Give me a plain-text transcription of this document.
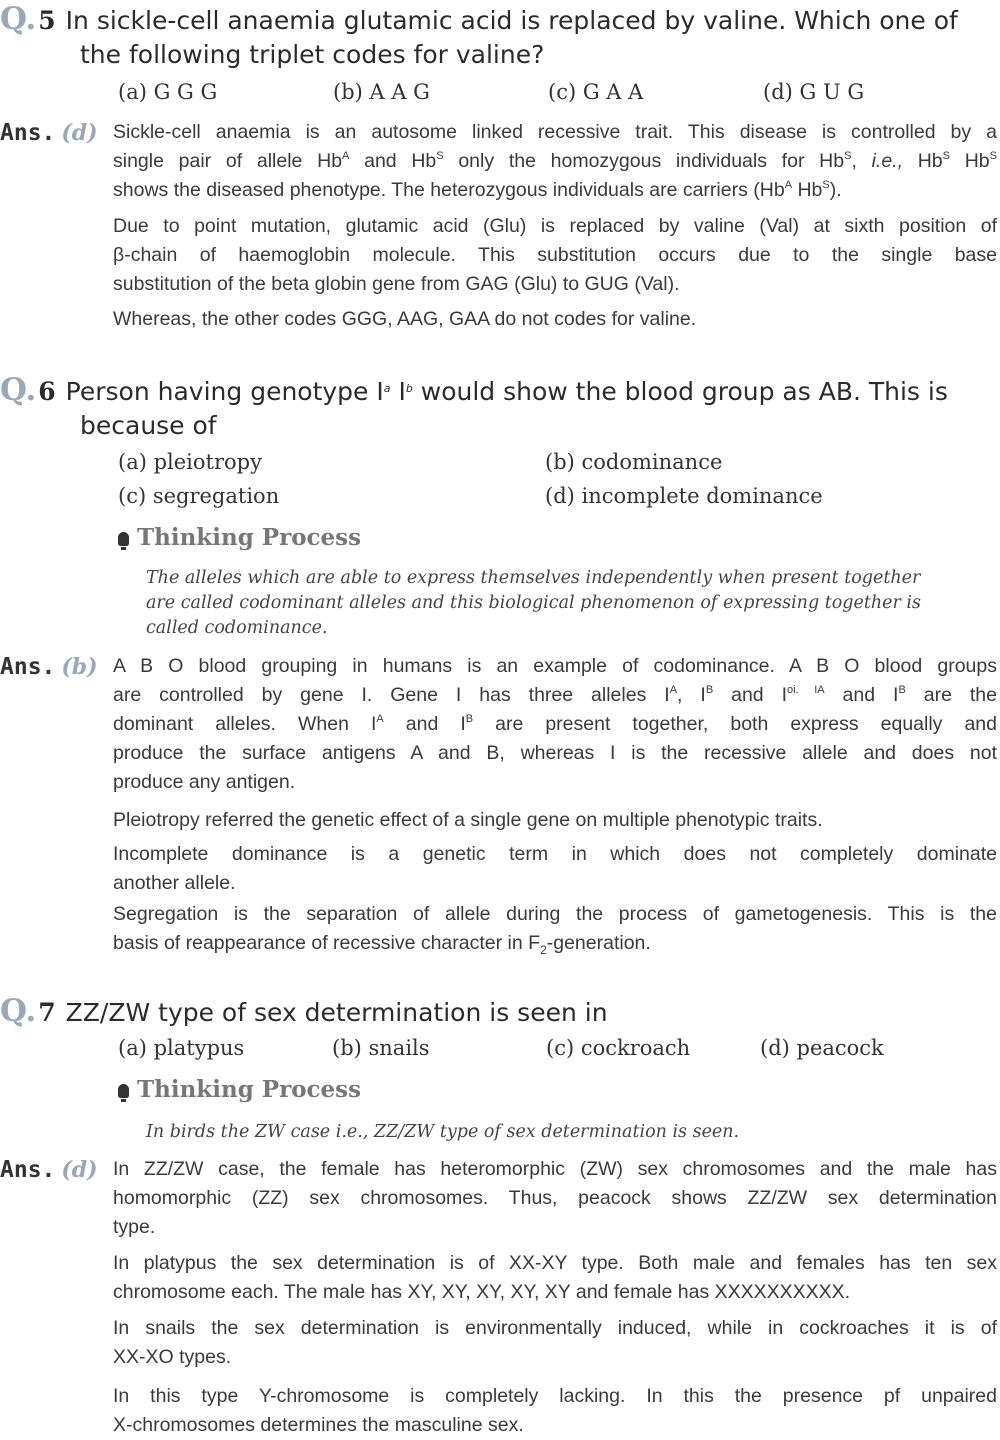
Q.5 In sickle-cell anaemia glutamic acid is replaced by valine. Which one of
the following triplet codes for valine?
(a) G G G	(b) A A G	(c) G A A	(d) G U G
Ans. (d) Sickle-cell anaemia is an autosome linked recessive trait. This disease is controlled by a
single pair of allele $Hb^A$ and $Hb^S$ only the homozygous individuals for $Hb^S$, i.e., $Hb^S$ $Hb^S$
shows the diseased phenotype. The heterozygous individuals are carriers ($Hb^A$ $Hb^S$).
Due to point mutation, glutamic acid (Glu) is replaced by valine (Val) at sixth position of
β-chain of haemoglobin molecule. This substitution occurs due to the single base
substitution of the beta globin gene from GAG (Glu) to GUG (Val).
Whereas, the other codes GGG, AAG, GAA do not codes for valine.
Q.6 Person having genotype $I^a$ $I^b$ would show the blood group as AB. This is
because of
(a) pleiotropy	(b) codominance
(c) segregation	(d) incomplete dominance
Thinking Process
The alleles which are able to express themselves independently when present together
are called codominant alleles and this biological phenomenon of expressing together is
called codominance.
Ans. (b) A B O blood grouping in humans is an example of codominance. A B O blood groups
are controlled by gene I. Gene I has three alleles $I^A$, $I^B$ and $I^{oi. IA}$ and $I^B$ are the
dominant alleles. When $I^A$ and $I^B$ are present together, both express equally and
produce the surface antigens A and B, whereas I is the recessive allele and does not
produce any antigen.
Pleiotropy referred the genetic effect of a single gene on multiple phenotypic traits.
Incomplete dominance is a genetic term in which does not completely dominate
another allele.
Segregation is the separation of allele during the process of gametogenesis. This is the
basis of reappearance of recessive character in $F_2$-generation.
Q.7 ZZ/ZW type of sex determination is seen in
(a) platypus	(b) snails	(c) cockroach	(d) peacock
Thinking Process
In birds the ZW case i.e., ZZ/ZW type of sex determination is seen.
Ans. (d) In ZZ/ZW case, the female has heteromorphic (ZW) sex chromosomes and the male has
homomorphic (ZZ) sex chromosomes. Thus, peacock shows ZZ/ZW sex determination
type.
In platypus the sex determination is of XX-XY type. Both male and females has ten sex
chromosome each. The male has XY, XY, XY, XY, XY and female has XXXXXXXXXX.
In snails the sex determination is environmentally induced, while in cockroaches it is of
XX-XO types.
In this type Y-chromosome is completely lacking. In this the presence pf unpaired
X-chromosomes determines the masculine sex.
